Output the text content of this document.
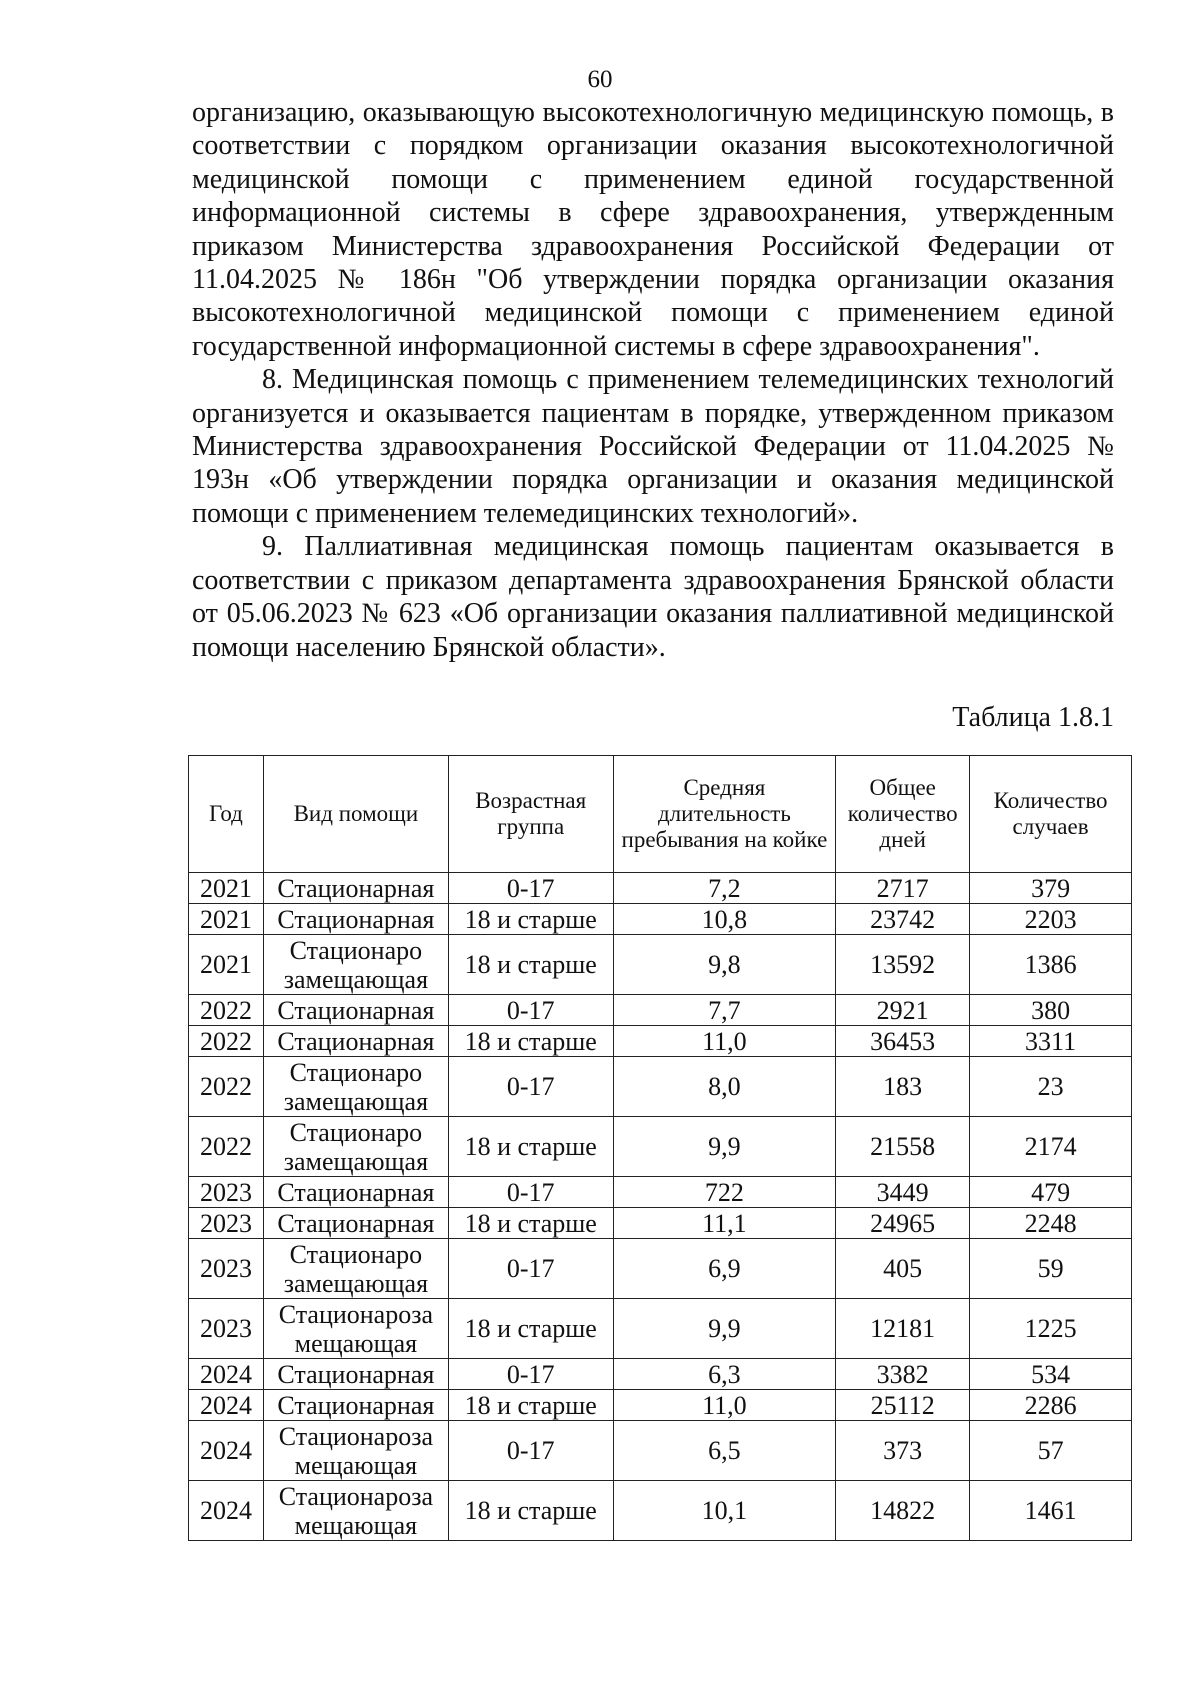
60

организацию, оказывающую высокотехнологичную медицинскую помощь, в соответствии с порядком организации оказания высокотехнологичной медицинской помощи с применением единой государственной информационной системы в сфере здравоохранения, утвержденным приказом Министерства здравоохранения Российской Федерации от 11.04.2025 № 186н "Об утверждении порядка организации оказания высокотехнологичной медицинской помощи с применением единой государственной информационной системы в сфере здравоохранения".

8. Медицинская помощь с применением телемедицинских технологий организуется и оказывается пациентам в порядке, утвержденном приказом Министерства здравоохранения Российской Федерации от 11.04.2025 № 193н «Об утверждении порядка организации и оказания медицинской помощи с применением телемедицинских технологий».

9. Паллиативная медицинская помощь пациентам оказывается в соответствии с приказом департамента здравоохранения Брянской области от 05.06.2023 № 623 «Об организации оказания паллиативной медицинской помощи населению Брянской области».

Таблица 1.8.1
Год	Вид помощи	Возрастная группа	Средняя длительность пребывания на койке	Общее количество дней	Количество случаев
2021	Стационарная	0-17	7,2	2717	379
2021	Стационарная	18 и старше	10,8	23742	2203
2021	Стационаро замещающая	18 и старше	9,8	13592	1386
2022	Стационарная	0-17	7,7	2921	380
2022	Стационарная	18 и старше	11,0	36453	3311
2022	Стационаро замещающая	0-17	8,0	183	23
2022	Стационаро замещающая	18 и старше	9,9	21558	2174
2023	Стационарная	0-17	722	3449	479
2023	Стационарная	18 и старше	11,1	24965	2248
2023	Стационаро замещающая	0-17	6,9	405	59
2023	Стационароза мещающая	18 и старше	9,9	12181	1225
2024	Стационарная	0-17	6,3	3382	534
2024	Стационарная	18 и старше	11,0	25112	2286
2024	Стационароза мещающая	0-17	6,5	373	57
2024	Стационароза мещающая	18 и старше	10,1	14822	1461
